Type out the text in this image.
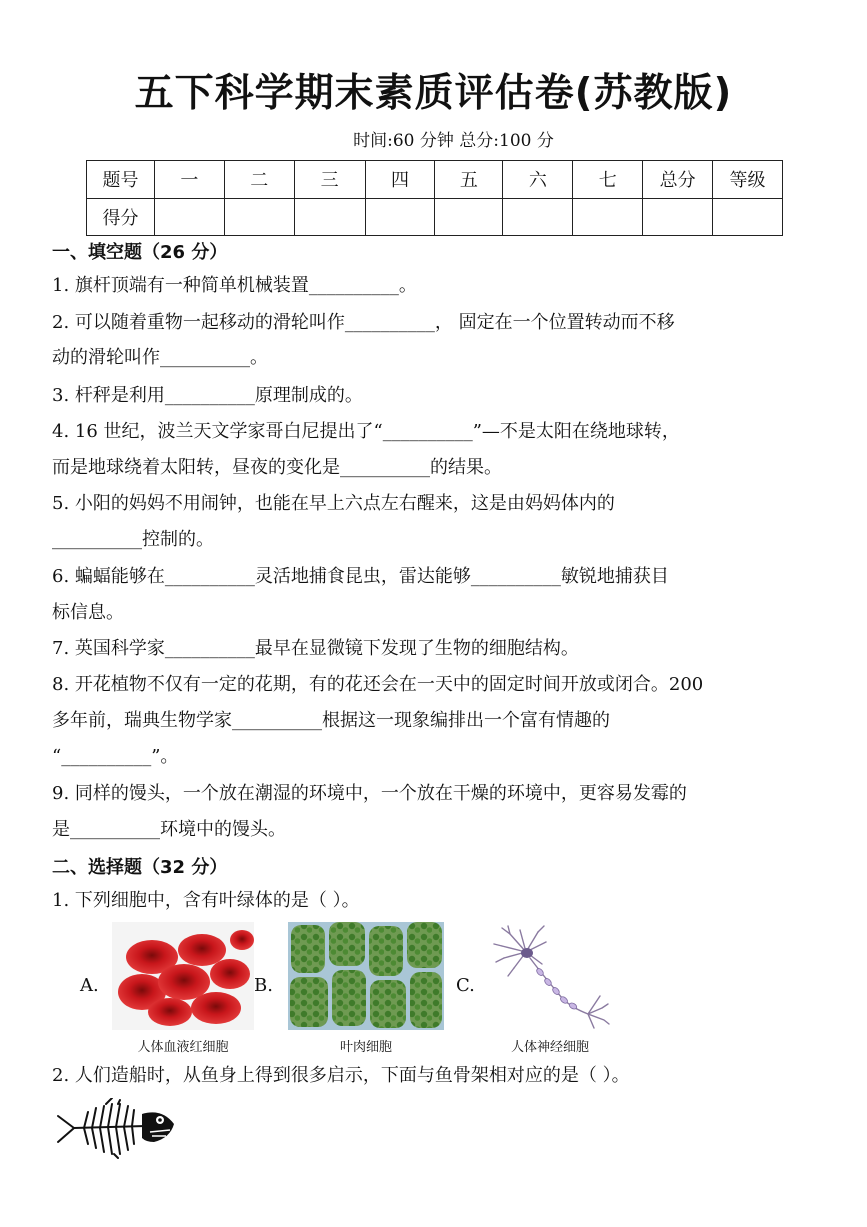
五下科学期末素质评估卷(苏教版)
时间:60 分钟 总分:100 分
题号	一	二	三	四	五	六	七	总分	等级
得分									
一、填空题（26 分）
1. 旗杆顶端有一种简单机械装置__________。
2. 可以随着重物一起移动的滑轮叫作__________， 固定在一个位置转动而不移
动的滑轮叫作__________。
3. 杆秤是利用__________原理制成的。
4. 16 世纪，波兰天文学家哥白尼提出了“__________”—不是太阳在绕地球转，
而是地球绕着太阳转，昼夜的变化是__________的结果。
5. 小阳的妈妈不用闹钟，也能在早上六点左右醒来，这是由妈妈体内的
__________控制的。
6. 蝙蝠能够在__________灵活地捕食昆虫，雷达能够__________敏锐地捕获目
标信息。
7. 英国科学家__________最早在显微镜下发现了生物的细胞结构。
8. 开花植物不仅有一定的花期，有的花还会在一天中的固定时间开放或闭合。200
多年前，瑞典生物学家__________根据这一现象编排出一个富有情趣的
“__________”。
9. 同样的馒头，一个放在潮湿的环境中，一个放在干燥的环境中，更容易发霉的
是__________环境中的馒头。
二、选择题（32 分）
1. 下列细胞中，含有叶绿体的是（ ）。
A.
人体血液红细胞
B.
叶肉细胞
C.
人体神经细胞
2. 人们造船时，从鱼身上得到很多启示，下面与鱼骨架相对应的是（ ）。
